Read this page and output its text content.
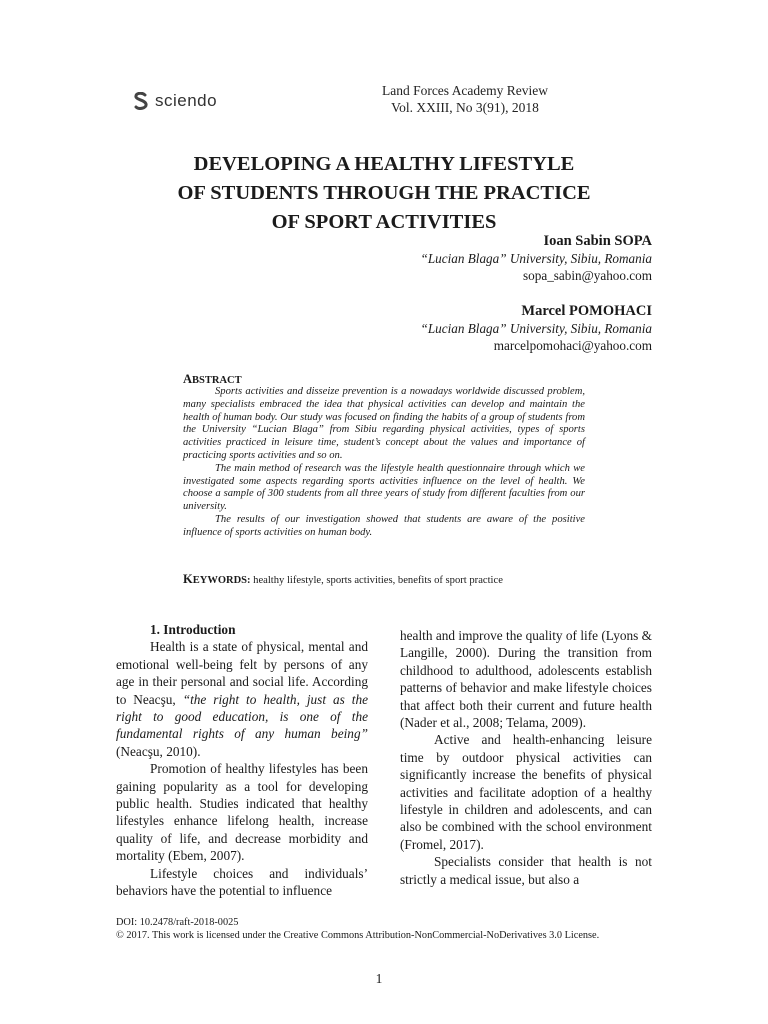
sciendo
Land Forces Academy Review
Vol. XXIII, No 3(91), 2018
DEVELOPING A HEALTHY LIFESTYLE
OF STUDENTS THROUGH THE PRACTICE
OF SPORT ACTIVITIES
Ioan Sabin SOPA
“Lucian Blaga” University, Sibiu, Romania
sopa_sabin@yahoo.com
Marcel POMOHACI
“Lucian Blaga” University, Sibiu, Romania
marcelpomohaci@yahoo.com
ABSTRACT

Sports activities and disseize prevention is a nowadays worldwide discussed problem, many specialists embraced the idea that physical activities can develop and maintain the health of human body. Our study was focused on finding the habits of a group of students from the University “Lucian Blaga” from Sibiu regarding physical activities, types of sports activities practiced in leisure time, student’s concept about the values and importance of practicing sports activities and so on.

The main method of research was the lifestyle health questionnaire through which we investigated some aspects regarding sports activities influence on the level of health. We choose a sample of 300 students from all three years of study from different faculties from our university.

The results of our investigation showed that students are aware of the positive influence of sports activities on human body.

KEYWORDS: healthy lifestyle, sports activities, benefits of sport practice

1. Introduction

Health is a state of physical, mental and emotional well-being felt by persons of any age in their personal and social life. According to Neacşu, “the right to health, just as the right to good education, is one of the fundamental rights of any human being” (Neacşu, 2010).

Promotion of healthy lifestyles has been gaining popularity as a tool for developing public health. Studies indicated that healthy lifestyles enhance lifelong health, increase quality of life, and decrease morbidity and mortality (Ebem, 2007).

Lifestyle choices and individuals’ behaviors have the potential to influence

health and improve the quality of life (Lyons & Langille, 2000). During the transition from childhood to adulthood, adolescents establish patterns of behavior and make lifestyle choices that affect both their current and future health (Nader et al., 2008; Telama, 2009).

Active and health-enhancing leisure time by outdoor physical activities can significantly increase the benefits of physical activities and facilitate adoption of a healthy lifestyle in children and adolescents, and can also be combined with the school environment (Fromel, 2017).

Specialists consider that health is not strictly a medical issue, but also a

DOI: 10.2478/raft-2018-0025
© 2017. This work is licensed under the Creative Commons Attribution-NonCommercial-NoDerivatives 3.0 License.
1
